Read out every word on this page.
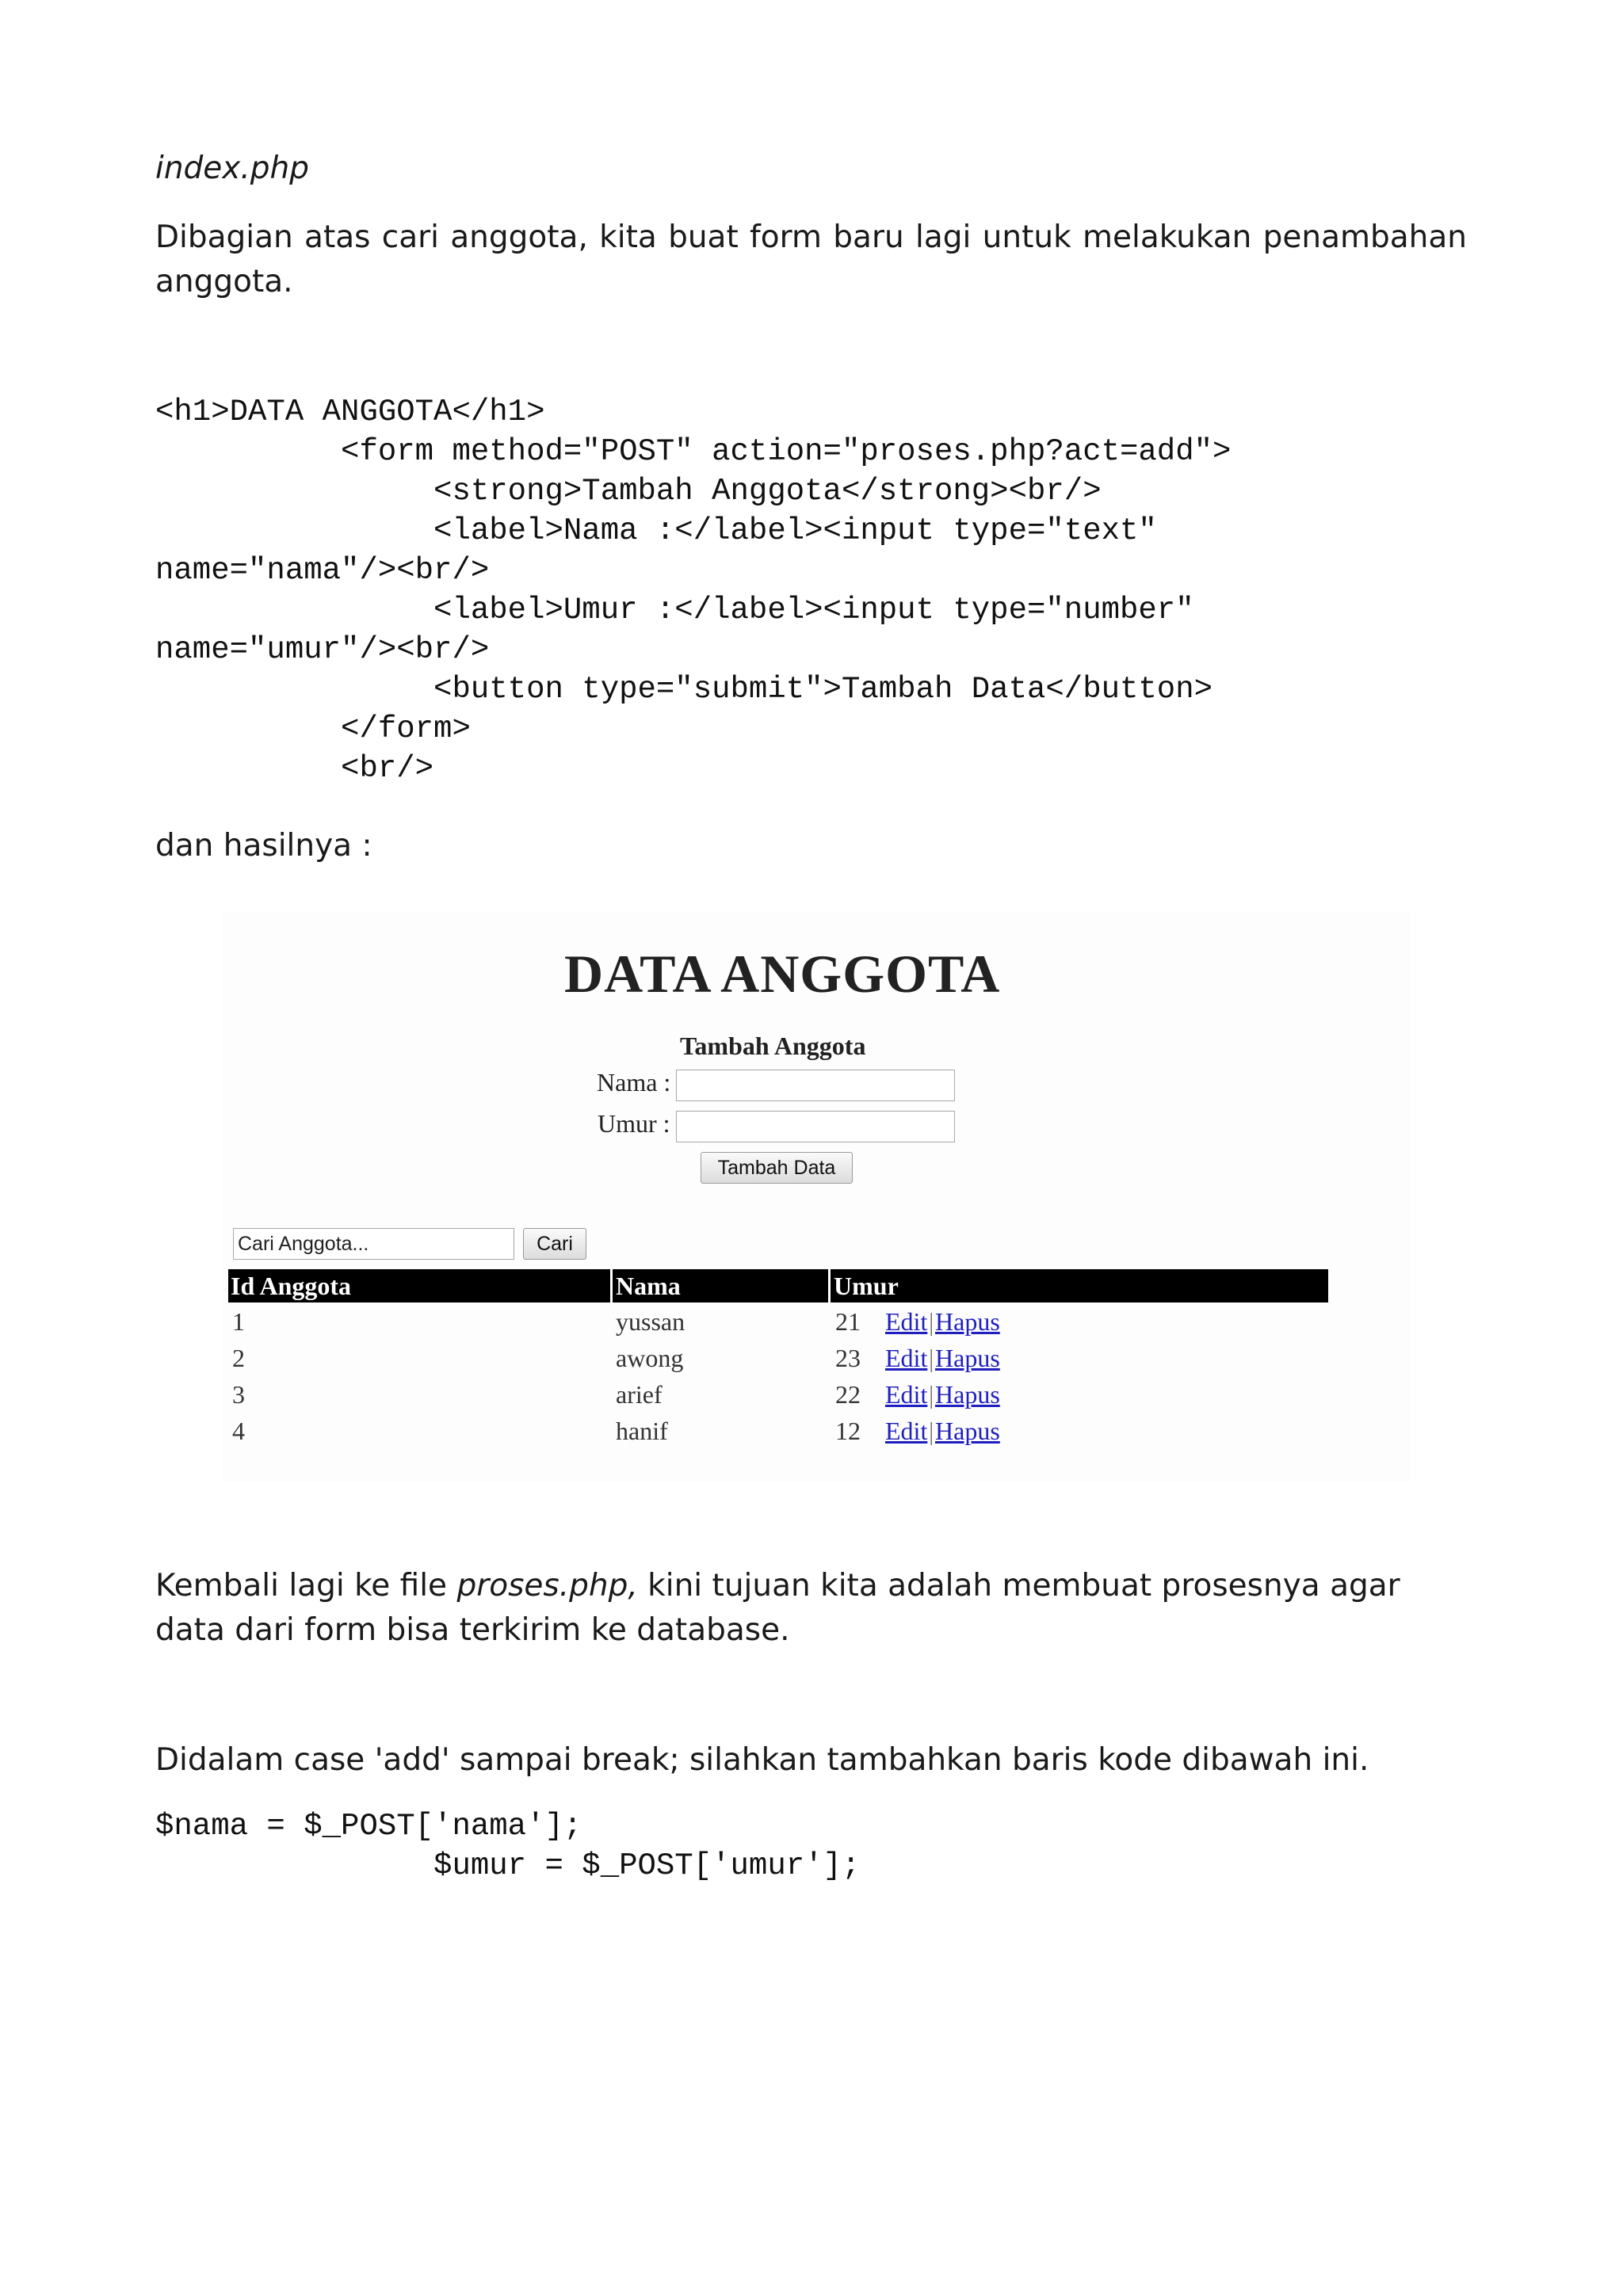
index.php
Dibagian atas cari anggota, kita buat form baru lagi untuk melakukan penambahan anggota.
<h1>DATA ANGGOTA</h1>
<form method="POST" action="proses.php?act=add">
<strong>Tambah Anggota</strong><br/>
<label>Nama :</label><input type="text"
name="nama"/><br/>
<label>Umur :</label><input type="number"
name="umur"/><br/>
<button type="submit">Tambah Data</button>
</form>
<br/>
dan hasilnya :
DATA ANGGOTA
Tambah Anggota
Nama :
Umur :
Tambah Data
Cari Anggota...	Cari
Id Anggota	Nama	Umur
1	yussan	21 Edit | Hapus
2	awong	23 Edit | Hapus
3	arief	22 Edit | Hapus
4	hanif	12 Edit | Hapus
Kembali lagi ke file proses.php, kini tujuan kita adalah membuat prosesnya agar data dari form bisa terkirim ke database.
Didalam case 'add' sampai break; silahkan tambahkan baris kode dibawah ini.
$nama = $_POST['nama'];
$umur = $_POST['umur'];
